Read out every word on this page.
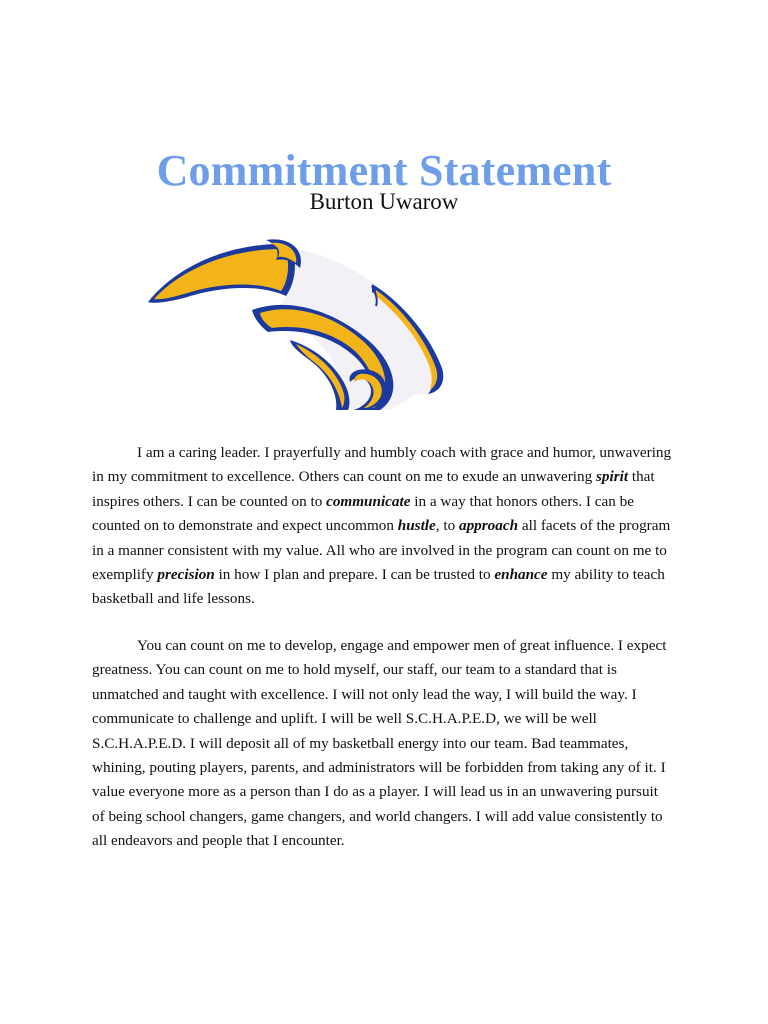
Commitment Statement
Burton Uwarow

I am a caring leader. I prayerfully and humbly coach with grace and humor, unwavering in my commitment to excellence. Others can count on me to exude an unwavering spirit that inspires others. I can be counted on to communicate in a way that honors others. I can be counted on to demonstrate and expect uncommon hustle, to approach all facets of the program in a manner consistent with my value. All who are involved in the program can count on me to exemplify precision in how I plan and prepare. I can be trusted to enhance my ability to teach basketball and life lessons.

You can count on me to develop, engage and empower men of great influence. I expect greatness. You can count on me to hold myself, our staff, our team to a standard that is unmatched and taught with excellence. I will not only lead the way, I will build the way. I communicate to challenge and uplift. I will be well S.C.H.A.P.E.D, we will be well S.C.H.A.P.E.D. I will deposit all of my basketball energy into our team. Bad teammates, whining, pouting players, parents, and administrators will be forbidden from taking any of it. I value everyone more as a person than I do as a player. I will lead us in an unwavering pursuit of being school changers, game changers, and world changers. I will add value consistently to all endeavors and people that I encounter.
